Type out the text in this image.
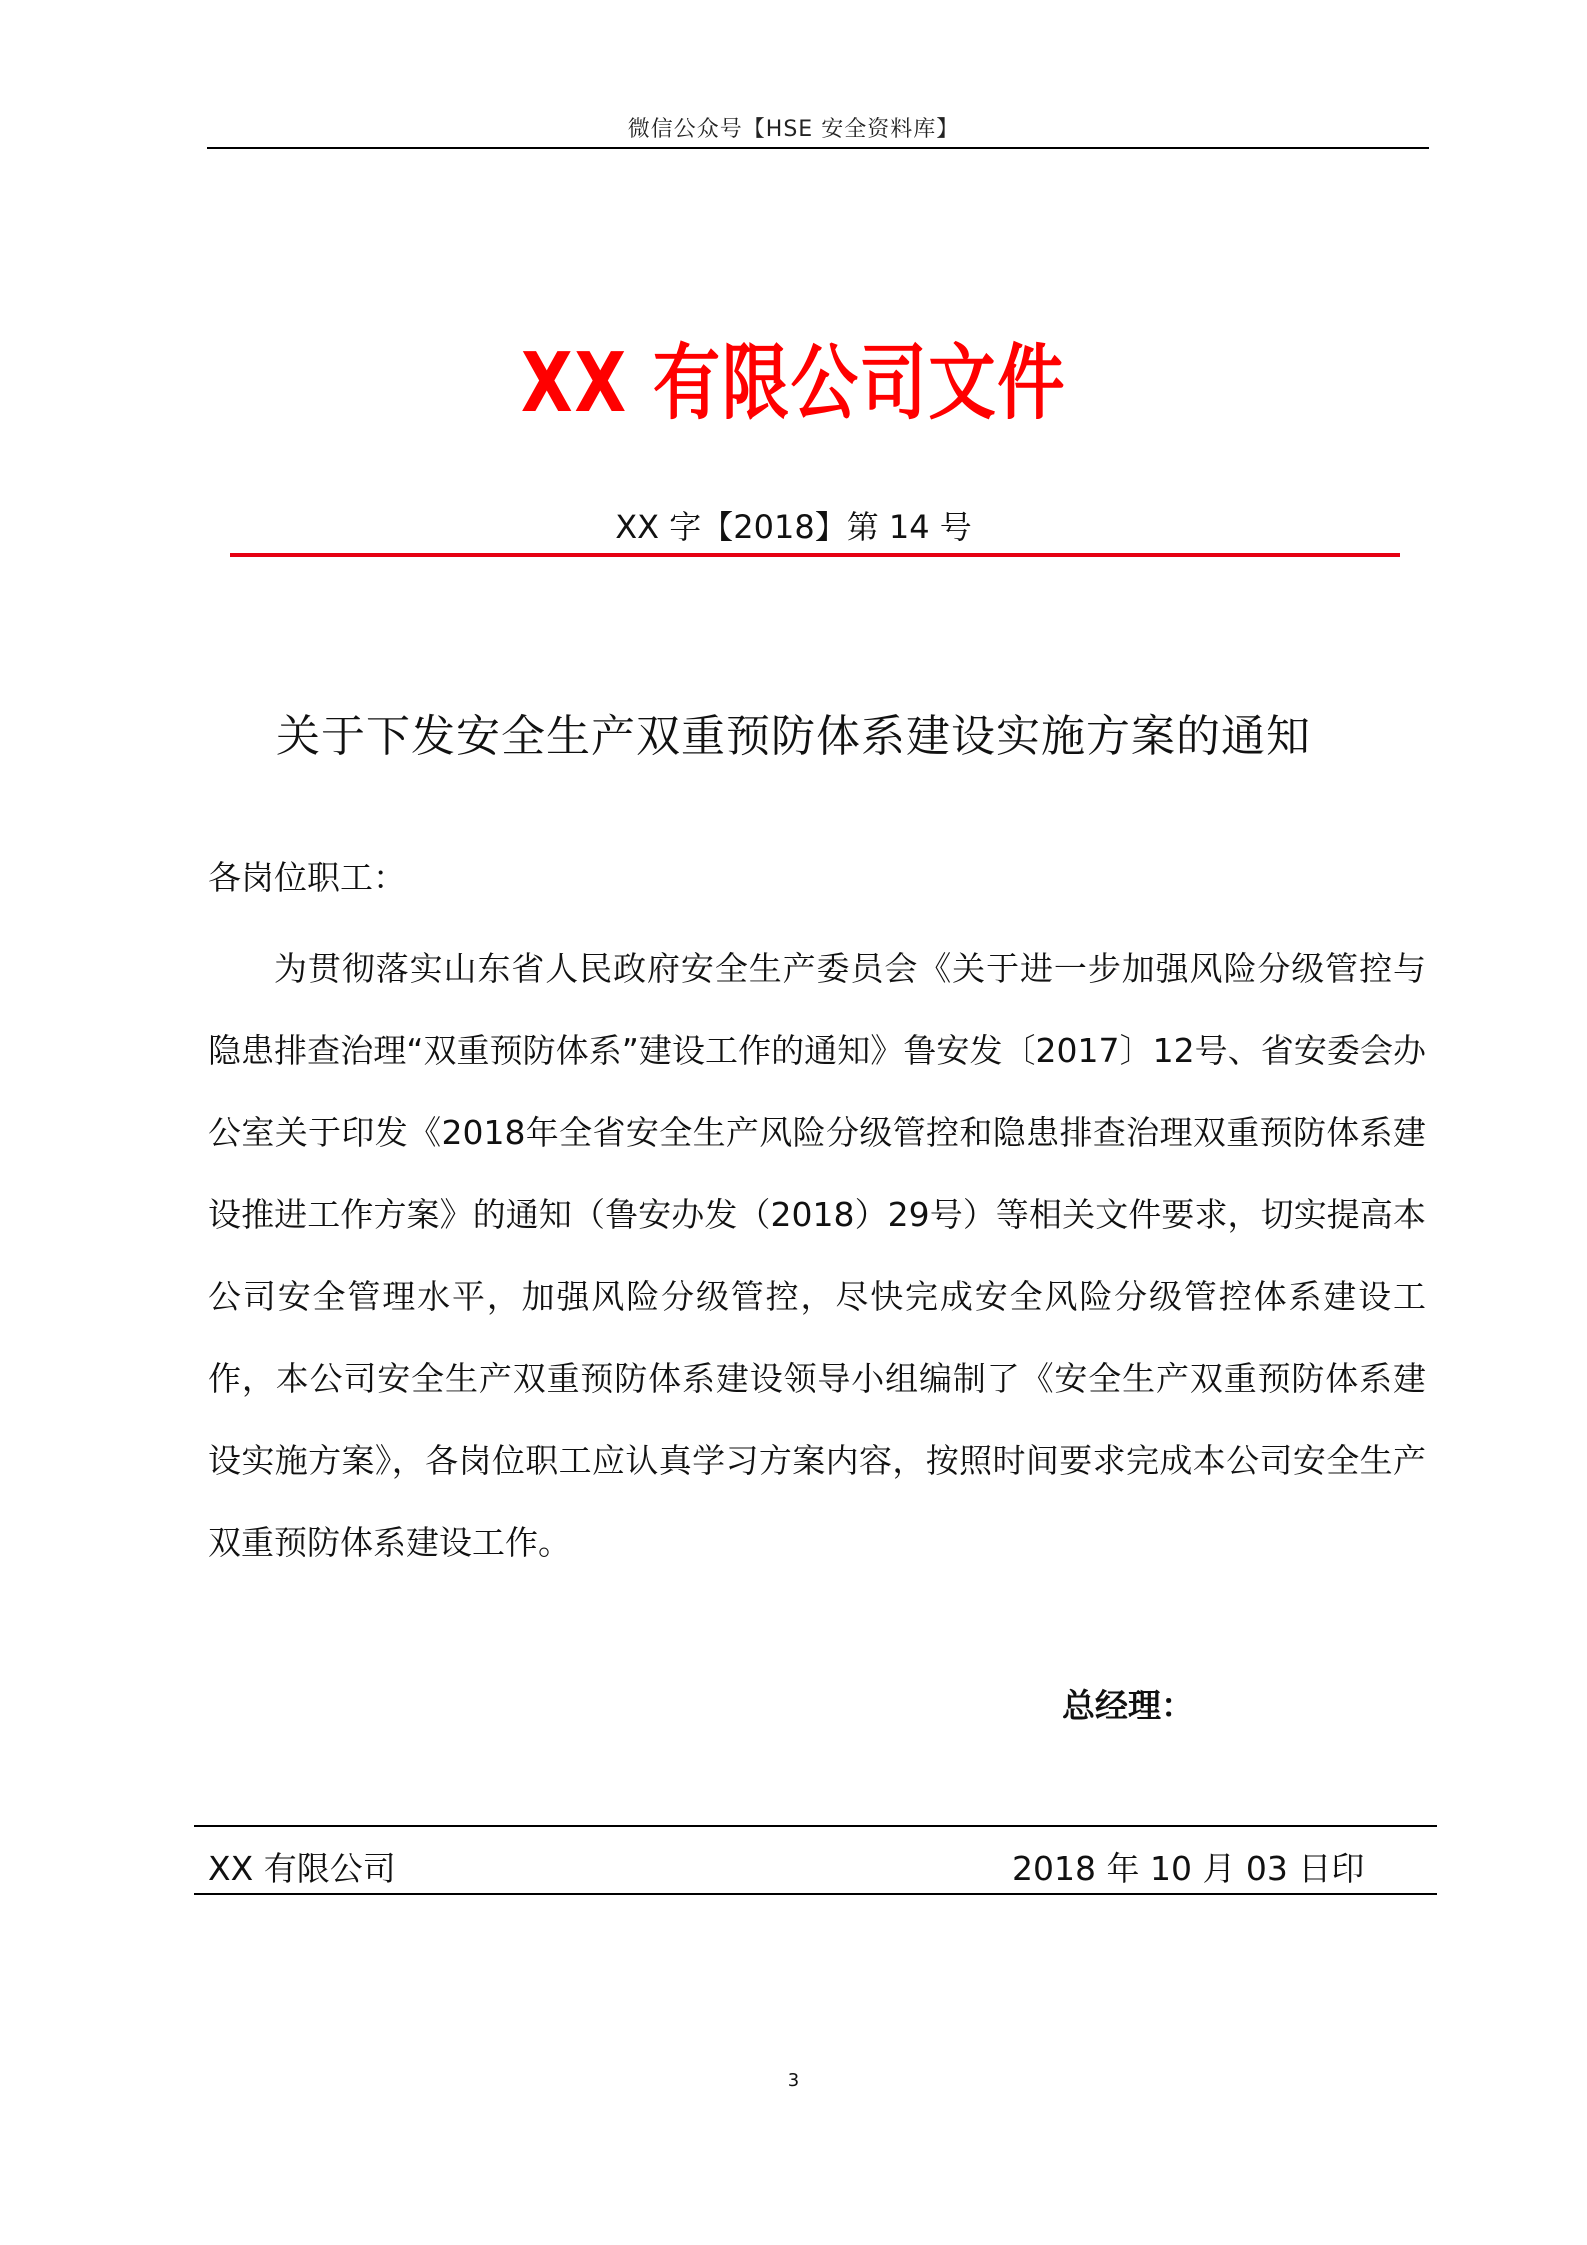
微信公众号【HSE 安全资料库】
XX 有限公司文件
XX 字【2018】第 14 号
关于下发安全生产双重预防体系建设实施方案的通知
各岗位职工：

为贯彻落实山东省人民政府安全生产委员会《关于进一步加强风险分级管控与隐患排查治理“双重预防体系”建设工作的通知》鲁安发〔2017〕12号、省安委会办公室关于印发《2018年全省安全生产风险分级管控和隐患排查治理双重预防体系建设推进工作方案》的通知（鲁安办发（2018）29号）等相关文件要求，切实提高本公司安全管理水平，加强风险分级管控，尽快完成安全风险分级管控体系建设工作，本公司安全生产双重预防体系建设领导小组编制了《安全生产双重预防体系建设实施方案》，各岗位职工应认真学习方案内容，按照时间要求完成本公司安全生产双重预防体系建设工作。

总经理：
XX 有限公司	2018 年 10 月 03 日印
3
